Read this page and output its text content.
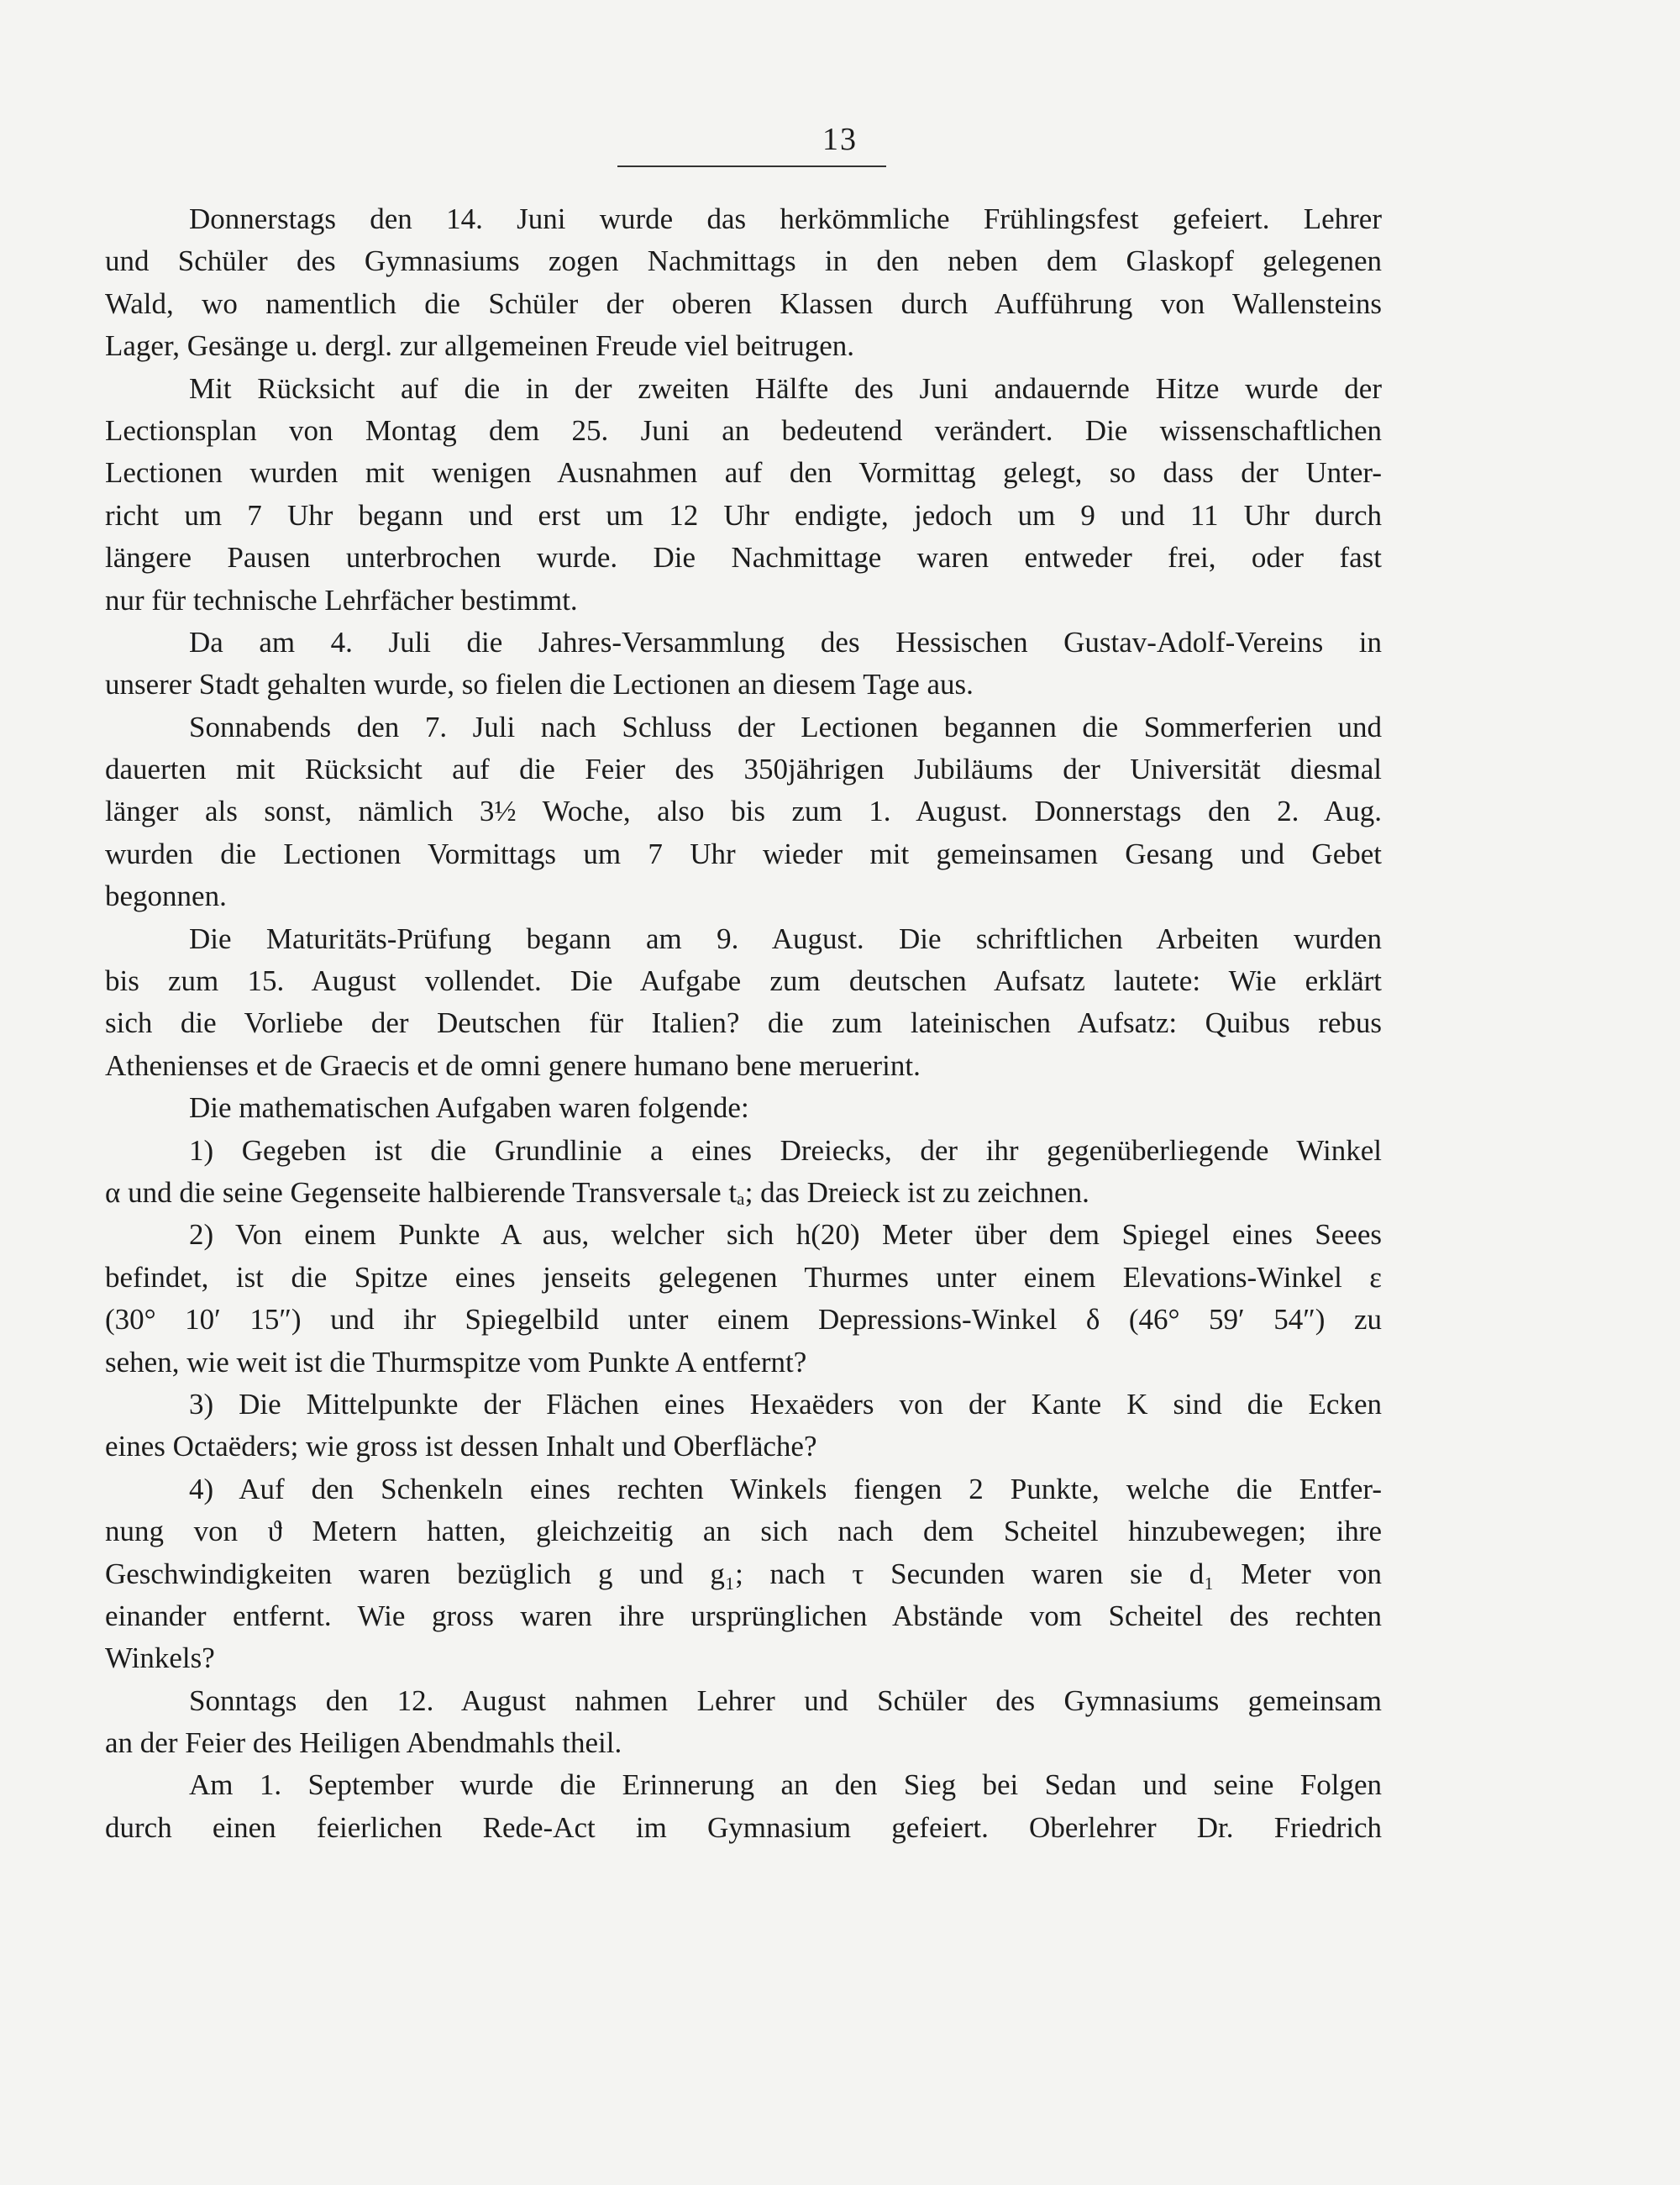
13
Donnerstags den 14. Juni wurde das herkömmliche Frühlingsfest gefeiert. Lehrer
und Schüler des Gymnasiums zogen Nachmittags in den neben dem Glaskopf gelegenen
Wald, wo namentlich die Schüler der oberen Klassen durch Aufführung von Wallensteins
Lager, Gesänge u. dergl. zur allgemeinen Freude viel beitrugen.
Mit Rücksicht auf die in der zweiten Hälfte des Juni andauernde Hitze wurde der
Lectionsplan von Montag dem 25. Juni an bedeutend verändert. Die wissenschaftlichen
Lectionen wurden mit wenigen Ausnahmen auf den Vormittag gelegt, so dass der Unter-
richt um 7 Uhr begann und erst um 12 Uhr endigte, jedoch um 9 und 11 Uhr durch
längere Pausen unterbrochen wurde. Die Nachmittage waren entweder frei, oder fast
nur für technische Lehrfächer bestimmt.
Da am 4. Juli die Jahres-Versammlung des Hessischen Gustav-Adolf-Vereins in
unserer Stadt gehalten wurde, so fielen die Lectionen an diesem Tage aus.
Sonnabends den 7. Juli nach Schluss der Lectionen begannen die Sommerferien und
dauerten mit Rücksicht auf die Feier des 350jährigen Jubiläums der Universität diesmal
länger als sonst, nämlich 3½ Woche, also bis zum 1. August. Donnerstags den 2. Aug.
wurden die Lectionen Vormittags um 7 Uhr wieder mit gemeinsamen Gesang und Gebet
begonnen.
Die Maturitäts-Prüfung begann am 9. August. Die schriftlichen Arbeiten wurden
bis zum 15. August vollendet. Die Aufgabe zum deutschen Aufsatz lautete: Wie erklärt
sich die Vorliebe der Deutschen für Italien? die zum lateinischen Aufsatz: Quibus rebus
Athenienses et de Graecis et de omni genere humano bene meruerint.
Die mathematischen Aufgaben waren folgende:
1) Gegeben ist die Grundlinie a eines Dreiecks, der ihr gegenüberliegende Winkel
α und die seine Gegenseite halbierende Transversale tₐ; das Dreieck ist zu zeichnen.
2) Von einem Punkte A aus, welcher sich h(20) Meter über dem Spiegel eines Seees
befindet, ist die Spitze eines jenseits gelegenen Thurmes unter einem Elevations-Winkel ε
(30° 10′ 15″) und ihr Spiegelbild unter einem Depressions-Winkel δ (46° 59′ 54″) zu
sehen, wie weit ist die Thurmspitze vom Punkte A entfernt?
3) Die Mittelpunkte der Flächen eines Hexaëders von der Kante K sind die Ecken
eines Octaëders; wie gross ist dessen Inhalt und Oberfläche?
4) Auf den Schenkeln eines rechten Winkels fiengen 2 Punkte, welche die Entfer-
nung von ϑ Metern hatten, gleichzeitig an sich nach dem Scheitel hinzubewegen; ihre
Geschwindigkeiten waren bezüglich g und g₁; nach τ Secunden waren sie d₁ Meter von
einander entfernt. Wie gross waren ihre ursprünglichen Abstände vom Scheitel des rechten
Winkels?
Sonntags den 12. August nahmen Lehrer und Schüler des Gymnasiums gemeinsam
an der Feier des Heiligen Abendmahls theil.
Am 1. September wurde die Erinnerung an den Sieg bei Sedan und seine Folgen
durch einen feierlichen Rede-Act im Gymnasium gefeiert. Oberlehrer Dr. Friedrich
